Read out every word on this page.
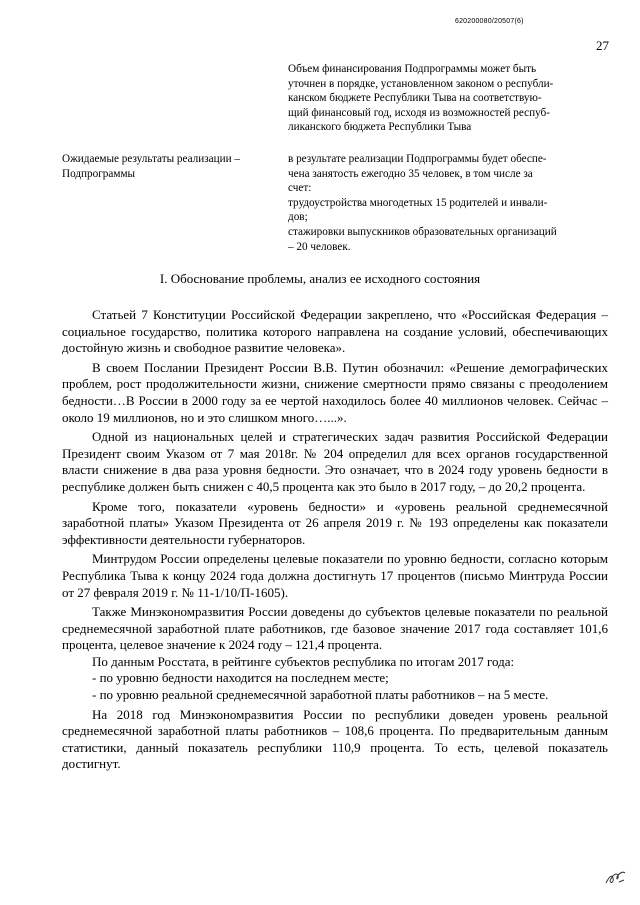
620200080/20507(6)
27

Объем финансирования Подпрограммы может быть

уточнен в порядке, установленном законом о республи-

канском бюджете Республики Тыва на соответствую-

щий финансовый год, исходя из возможностей респуб-

ликанского бюджета Республики Тыва

Ожидаемые результаты реализации –
Подпрограммы

в результате реализации Подпрограммы будет обеспе-

чена занятость ежегодно 35 человек, в том числе за

счет:

трудоустройства многодетных 15 родителей и инвали-

дов;

стажировки выпускников образовательных организаций

– 20 человек.

I. Обоснование проблемы, анализ ее исходного состояния

Статьей 7 Конституции Российской Федерации закреплено, что «Российская Федерация – социальное государство, политика которого направлена на создание условий, обеспечивающих достойную жизнь и свободное развитие человека».

В своем Послании Президент России В.В. Путин обозначил: «Решение демографических проблем, рост продолжительности жизни, снижение смертности прямо связаны с преодолением бедности…В России в 2000 году за ее чертой находилось более 40 миллионов человек. Сейчас – около 19 миллионов, но и это слишком много…...».

Одной из национальных целей и стратегических задач развития Российской Федерации Президент своим Указом от 7 мая 2018г. № 204 определил для всех органов государственной власти снижение в два раза уровня бедности. Это означает, что в 2024 году уровень бедности в республике должен быть снижен с 40,5 процента как это было в 2017 году, – до 20,2 процента.

Кроме того, показатели «уровень бедности» и «уровень реальной среднемесячной заработной платы» Указом Президента от 26 апреля 2019 г. № 193 определены как показатели эффективности деятельности губернаторов.

Минтрудом России определены целевые показатели по уровню бедности, согласно которым Республика Тыва к концу 2024 года должна достигнуть 17 процентов (письмо Минтруда России от 27 февраля 2019 г. № 11-1/10/П-1605).

Также Минэкономразвития России доведены до субъектов целевые показатели по реальной среднемесячной заработной плате работников, где базовое значение 2017 года составляет 101,6 процента, целевое значение к 2024 году – 121,4 процента.

По данным Росстата, в рейтинге субъектов республика по итогам 2017 года:

- по уровню бедности находится на последнем месте;

- по уровню реальной среднемесячной заработной платы работников – на 5 месте.

На 2018 год Минэкономразвития России по республики доведен уровень реальной среднемесячной заработной платы работников – 108,6 процента. По предварительным данным статистики, данный показатель республики 110,9 процента. То есть, целевой показатель достигнут.
